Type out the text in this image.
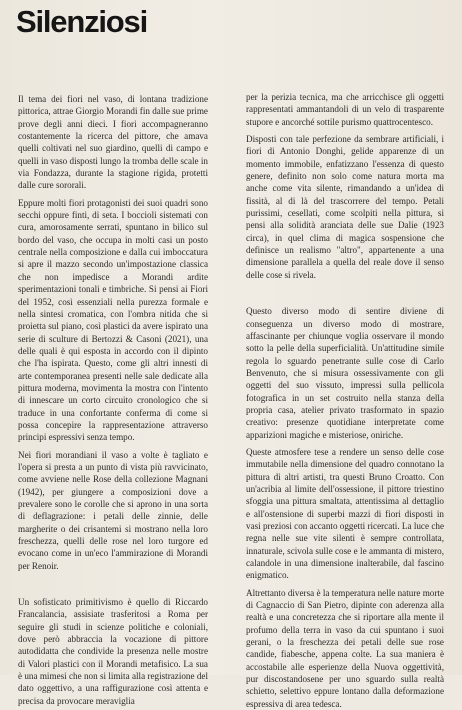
Silenziosi

Il tema dei fiori nel vaso, di lontana tradizione pittorica, attrae Giorgio Morandi fin dalle sue prime prove degli anni dieci. I fiori accompagneranno costantemente la ricerca del pittore, che amava quelli coltivati nel suo giardino, quelli di campo e quelli in vaso disposti lungo la tromba delle scale in via Fondazza, durante la stagione rigida, protetti dalle cure sororali.

Eppure molti fiori protagonisti dei suoi quadri sono secchi oppure finti, di seta. I boccioli sistemati con cura, amorosamente serrati, spuntano in bilico sul bordo del vaso, che occupa in molti casi un posto centrale nella composizione e dalla cui imboccatura si apre il mazzo secondo un'impostazione classica che non impedisce a Morandi ardite sperimentazioni tonali e timbriche. Si pensi ai Fiori del 1952, così essenziali nella purezza formale e nella sintesi cromatica, con l'ombra nitida che si proietta sul piano, così plastici da avere ispirato una serie di sculture di Bertozzi & Casoni (2021), una delle quali è qui esposta in accordo con il dipinto che l'ha ispirata. Questo, come gli altri innesti di arte contemporanea presenti nelle sale dedicate alla pittura moderna, movimenta la mostra con l'intento di innescare un corto circuito cronologico che si traduce in una confortante conferma di come si possa concepire la rappresentazione attraverso principi espressivi senza tempo.

Nei fiori morandiani il vaso a volte è tagliato e l'opera si presta a un punto di vista più ravvicinato, come avviene nelle Rose della collezione Magnani (1942), per giungere a composizioni dove a prevalere sono le corolle che si aprono in una sorta di deflagrazione: i petali delle zinnie, delle margherite o dei crisantemi si mostrano nella loro freschezza, quelli delle rose nel loro turgore ed evocano come in un'eco l'ammirazione di Morandi per Renoir.

Un sofisticato primitivismo è quello di Riccardo Francalancia, assisiate trasferitosi a Roma per seguire gli studi in scienze politiche e coloniali, dove però abbraccia la vocazione di pittore autodidatta che condivide la presenza nelle mostre di Valori plastici con il Morandi metafisico. La sua è una mimesi che non si limita alla registrazione del dato oggettivo, a una raffigurazione così attenta e precisa da provocare meraviglia

per la perizia tecnica, ma che arricchisce gli oggetti rappresentati ammantandoli di un velo di trasparente stupore e ancorché sottile purismo quattrocentesco.

Disposti con tale perfezione da sembrare artificiali, i fiori di Antonio Donghi, gelide apparenze di un momento immobile, enfatizzano l'essenza di questo genere, definito non solo come natura morta ma anche come vita silente, rimandando a un'idea di fissità, al di là del trascorrere del tempo. Petali purissimi, cesellati, come scolpiti nella pittura, si pensi alla solidità aranciata delle sue Dalie (1923 circa), in quel clima di magica sospensione che definisce un realismo "altro", appartenente a una dimensione parallela a quella del reale dove il senso delle cose si rivela.

Questo diverso modo di sentire diviene di conseguenza un diverso modo di mostrare, affascinante per chiunque voglia osservare il mondo sotto la pelle della superficialità. Un'attitudine simile regola lo sguardo penetrante sulle cose di Carlo Benvenuto, che si misura ossessivamente con gli oggetti del suo vissuto, impressi sulla pellicola fotografica in un set costruito nella stanza della propria casa, atelier privato trasformato in spazio creativo: presenze quotidiane interpretate come apparizioni magiche e misteriose, oniriche.

Queste atmosfere tese a rendere un senso delle cose immutabile nella dimensione del quadro connotano la pittura di altri artisti, tra questi Bruno Croatto. Con un'acribia al limite dell'ossessione, il pittore triestino sfoggia una pittura smaltata, attentissima al dettaglio e all'ostensione di superbi mazzi di fiori disposti in vasi preziosi con accanto oggetti ricercati. La luce che regna nelle sue vite silenti è sempre controllata, innaturale, scivola sulle cose e le ammanta di mistero, calandole in una dimensione inalterabile, dal fascino enigmatico.

Altrettanto diversa è la temperatura nelle nature morte di Cagnaccio di San Pietro, dipinte con aderenza alla realtà e una concretezza che si riportare alla mente il profumo della terra in vaso da cui spuntano i suoi gerani, o la freschezza dei petali delle sue rose candide, fiabesche, appena colte. La sua maniera è accostabile alle esperienze della Nuova oggettività, pur discostandosene per uno sguardo sulla realtà schietto, selettivo eppure lontano dalla deformazione espressiva di area tedesca.
